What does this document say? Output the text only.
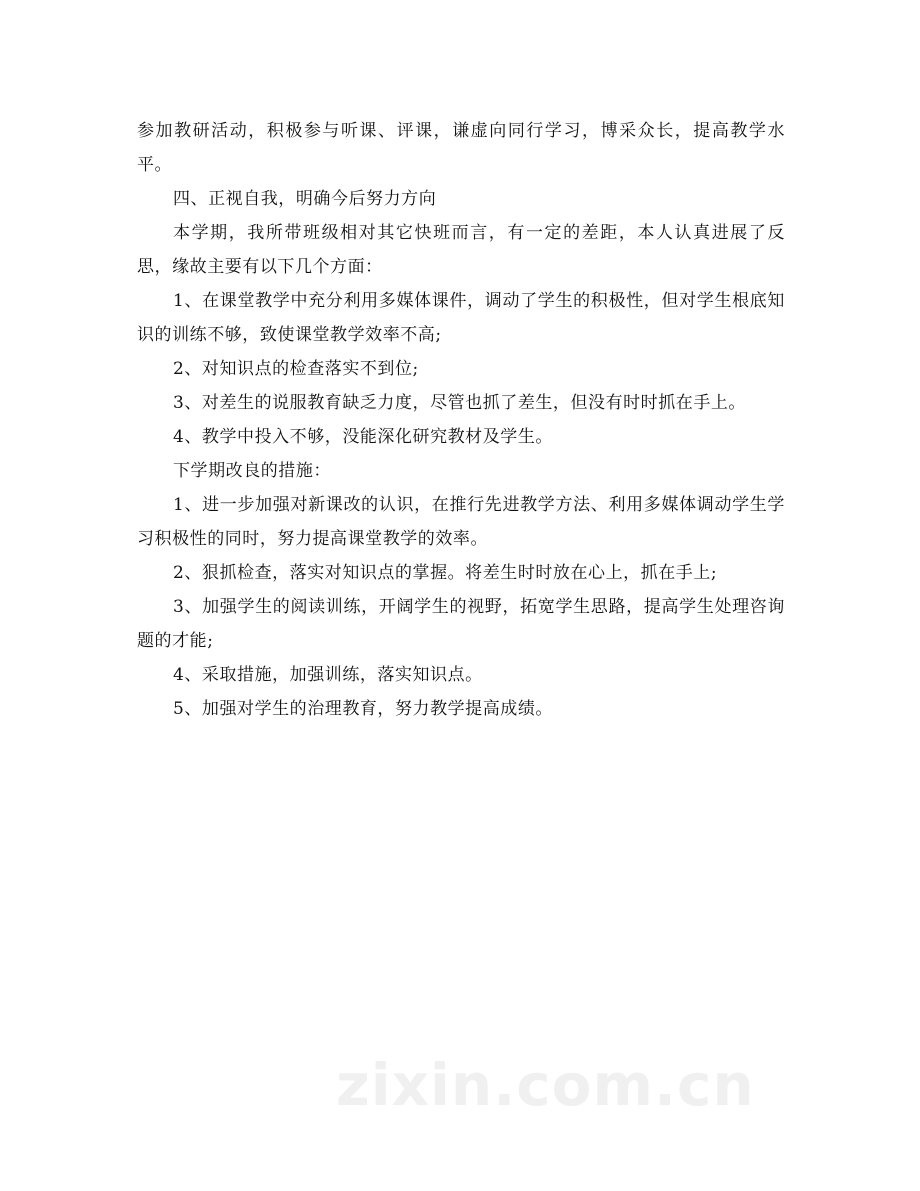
参加教研活动，积极参与听课、评课，谦虚向同行学习，博采众长，提高教学水平。

四、正视自我，明确今后努力方向

本学期，我所带班级相对其它快班而言，有一定的差距，本人认真进展了反思，缘故主要有以下几个方面：

1、在课堂教学中充分利用多媒体课件，调动了学生的积极性，但对学生根底知识的训练不够，致使课堂教学效率不高;

2、对知识点的检查落实不到位;

3、对差生的说服教育缺乏力度，尽管也抓了差生，但没有时时抓在手上。

4、教学中投入不够，没能深化研究教材及学生。

下学期改良的措施：

1、进一步加强对新课改的认识，在推行先进教学方法、利用多媒体调动学生学习积极性的同时，努力提高课堂教学的效率。

2、狠抓检查，落实对知识点的掌握。将差生时时放在心上，抓在手上;

3、加强学生的阅读训练，开阔学生的视野，拓宽学生思路，提高学生处理咨询题的才能;

4、采取措施，加强训练，落实知识点。

5、加强对学生的治理教育，努力教学提高成绩。

zixin.com.cn
